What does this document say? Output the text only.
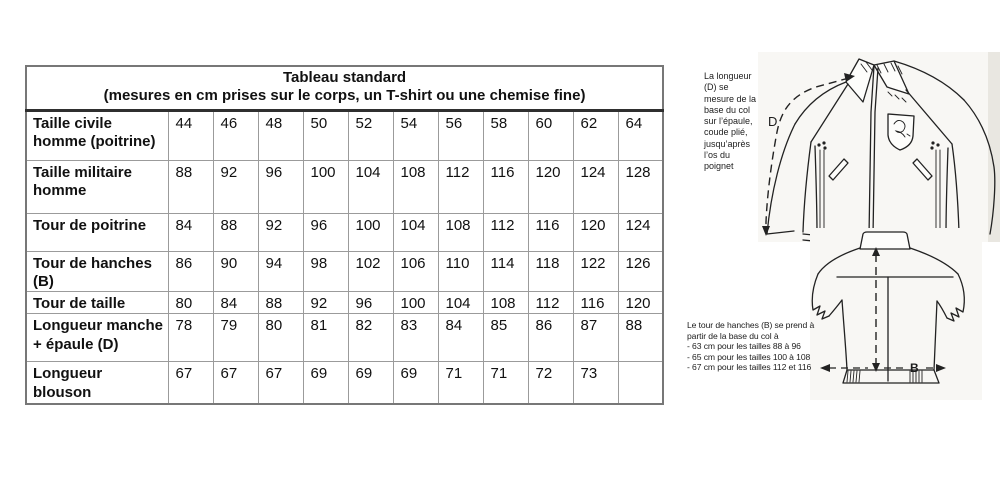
Tableau standard
(mesures en cm prises sur le corps, un T-shirt ou une chemise fine)											

Taille civile homme (poitrine)	44	46	48	50	52	54	56	58	60	62	64
Taille militaire homme	88	92	96	100	104	108	112	116	120	124	128
Tour de poitrine	84	88	92	96	100	104	108	112	116	120	124
Tour de hanches (B)	86	90	94	98	102	106	110	114	118	122	126
Tour de taille	80	84	88	92	96	100	104	108	112	116	120
Longueur manche + épaule (D)	78	79	80	81	82	83	84	85	86	87	88
Longueur blouson	67	67	67	69	69	69	71	71	72	73	
La longueur
(D) se
mesure de la
base du col
sur l’épaule,
coude plié,
jusqu’après
l’os du
poignet
D
B
Le tour de hanches (B) se prend à
partir de la base du col à
- 63 cm pour les tailles 88 à 96
- 65 cm pour les tailles 100 à 108
- 67 cm pour les tailles 112 et 116
